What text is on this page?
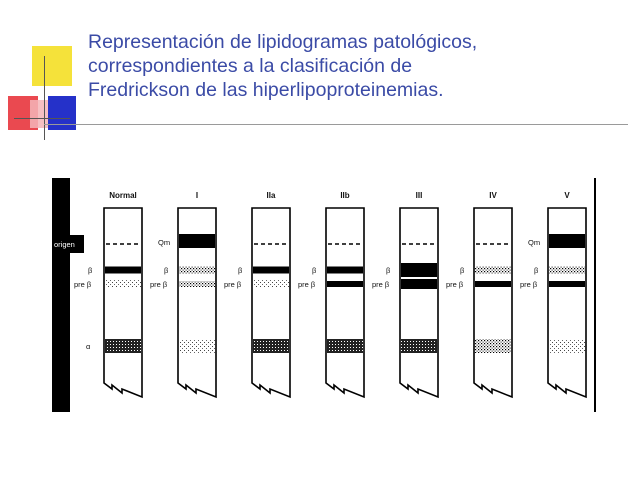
Representación de lipidogramas patológicos,
correspondientes a la clasificación de
Fredrickson de las hiperlipoproteinemias.
origen
Normal
β
pre β
α
I
β
pre β
Qm
IIa
β
pre β
IIb
β
pre β
III
β
pre β
IV
β
pre β
V
β
pre β
Qm
